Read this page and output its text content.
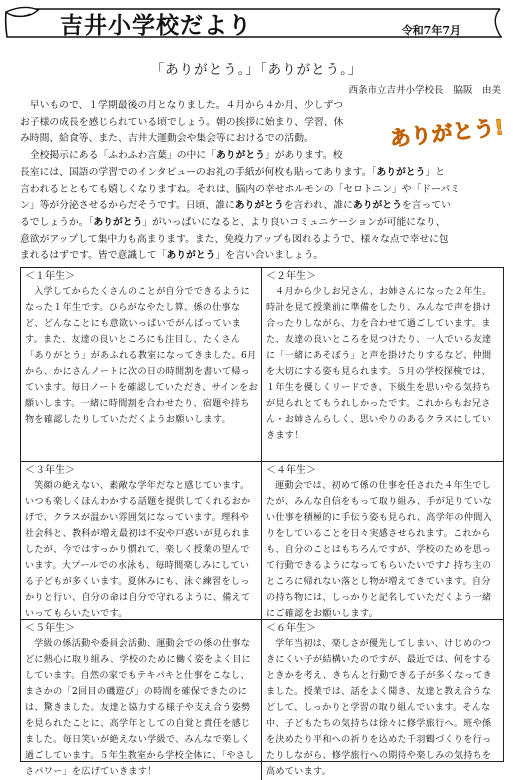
吉井小学校だより	令和7年7月
「ありがとう。」「ありがとう。」
西条市立吉井小学校長 脇阪　由美

早いもので、１学期最後の月となりました。４月から４か月、少しずつ

お子様の成長を感じられている頃でしょう。朝の挨拶に始まり、学習、休

み時間、給食等、また、吉井大運動会や集会等におけるでの活動。

全校掲示にある「ふわふわ言葉」の中に「ありがとう」があります。校

長室には、国語の学習でのインタビューのお礼の手紙が何枚も貼ってあります。「ありがとう」と

言われるとともても嬉しくなりますね。それは、脳内の幸せホルモンの「セロトニン」や「ドーパミ

ン」等が分泌させるからだそうです。日頃、誰にありがとうを言われ、誰にありがとうを言ってい

るでしょうか。「ありがとう」がいっぱいになると、より良いコミュニケーションが可能になり、

意欲がアップして集中力も高まります。また、免疫力アップも図れるようで、様々な点で幸せに包

まれるはずです。皆で意識して「ありがとう」を言い合いましょう。

ありがとう!
＜１年生＞

入学してからたくさんのことが自分でできるようになった１年生です。ひらがなやたし算、係の仕事など、どんなことにも意欲いっぱいでがんばっています。また、友達の良いところにも注目し、たくさん「ありがとう」があふれる教室になってきました。6月から、かにさんノートに次の日の時間割を書いて帰っています。毎日ノートを確認していただき、サインをお願いします。一緒に時間割を合わせたり、宿題や持ち物を確認したりしていただくようお願いします。

＜２年生＞

４月から少しお兄さん、お姉さんになった２年生。時計を見て授業前に準備をしたり、みんなで声を掛け合ったりしながら、力を合わせて過ごしています。また、友達の良いところを見つけたり、一人でいる友達に「一緒にあそぼう」と声を掛けたりするなど、仲間を大切にする姿も見られます。５月の学校探検では、１年生を優しくリードでき、下級生を思いやる気持ちが見られとてもうれしかったです。これからもお兄さん・お姉さんらしく、思いやりのあるクラスにしていきます！

＜３年生＞

笑顔の絶えない、素敵な学年だなと感じています。いつも楽しくほんわかする話題を提供してくれるおかげで、クラスが温かい雰囲気になっています。理科や社会科と、教科が増え最初は不安や戸惑いが見られましたが、今ではすっかり慣れて、楽しく授業の望んでいます。大プールでの水泳も、毎時間楽しみにしている子どもが多くいます。夏休みにも、泳ぐ練習をしっかりと行い、自分の命は自分で守れるように、備えていってもらいたいです。

＜４年生＞

運動会では、初めて係の仕事を任された４年生でしたが、みんな自信をもって取り組み、手が足りていない仕事を積極的に手伝う姿も見られ、高学年の仲間入りをしていることを日々実感させられます。これからも、自分のことはもちろんですが、学校のためを思って行動できるようになってもらいたいです♪ 持ち主のところに帰れない落とし物が増えてきています。自分の持ち物には、しっかりと記名していただくよう一緒にご確認をお願いします。

＜５年生＞

学級の係活動や委員会活動、運動会での係の仕事などに熱心に取り組み、学校のために働く姿をよく目にしています。自然の家でもテキパキと仕事をこなし、まさかの「2回目の磯遊び」の時間を確保できたのには、驚きました。友達と協力する様子や支え合う姿勢を見られたことに、高学年としての自覚と責任を感じました。毎日笑いが絶えない学級で、みんなで楽しく過ごしています。５年生教室から学校全体に、「やさしさパワー」を広げていきます！

＜６年生＞

学年当初は、楽しさが優先してしまい、けじめのつきにくい子が結構いたのですが、最近では、何をするときかを考え、きちんと行動できる子が多くなってきました。授業では、話をよく聞き、友達と教え合うなどして、しっかりと学習の取り組んでいます。そんな中、子どもたちの気持ちは徐々に修学旅行へ。班や係を決めたり平和への祈りを込めた千羽鶴づくりを行ったりしながら、修学旅行への期待や楽しみの気持ちを高めています。
